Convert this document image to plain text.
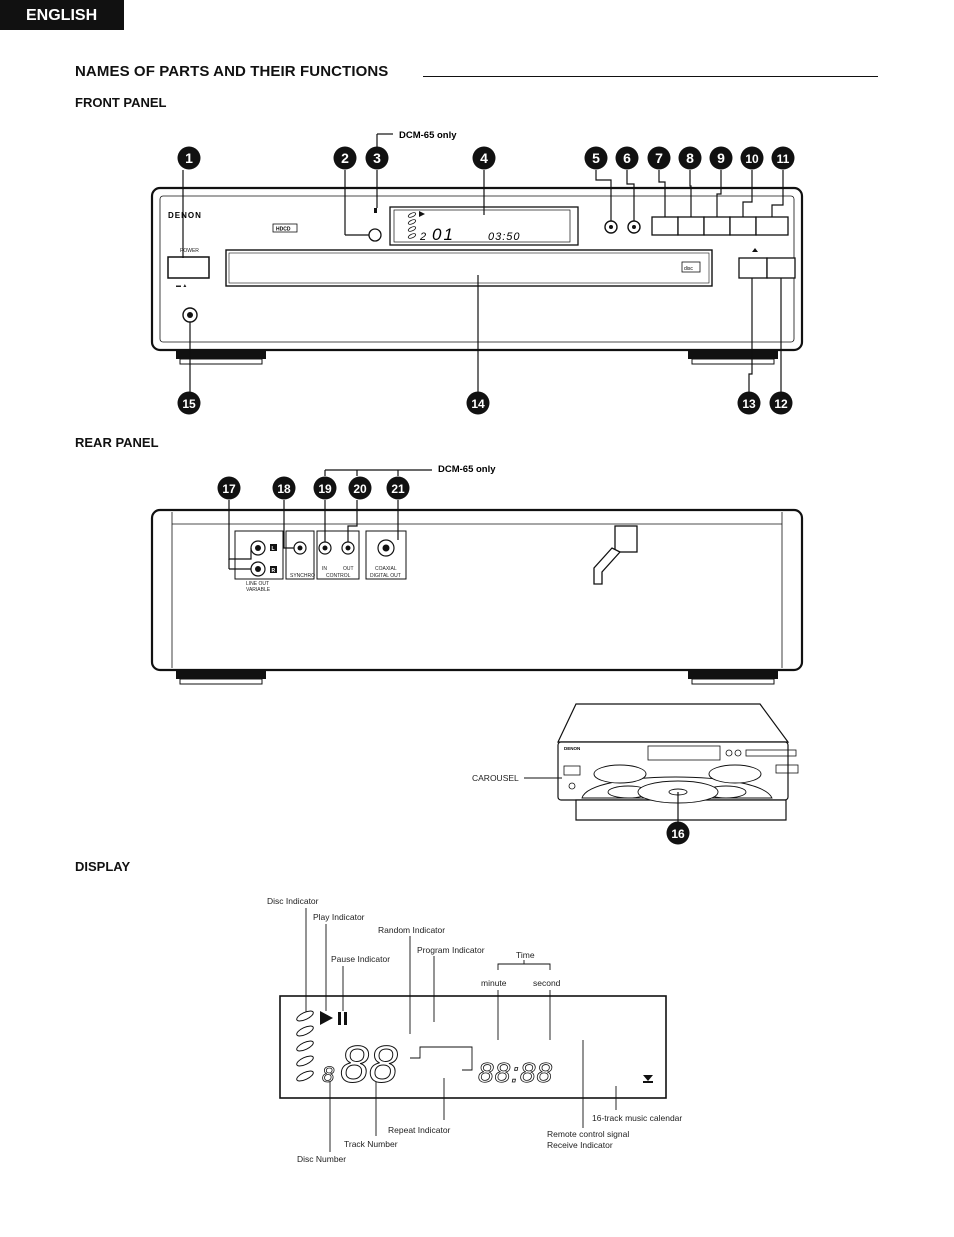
ENGLISH
NAMES OF PARTS AND THEIR FUNCTIONS
FRONT PANEL
REAR PANEL
DISPLAY
DCM-65 only
DENON
HDCD
POWER
▬ ▲
2 01	03:50
disc
1	2 3	4	5 6 7 8 9 10 11
12
13
14
15
DCM-65 only
L
R
LINE OUT
VARIABLE
SYNCHRO
IN	OUT
CONTROL
COAXIAL
DIGITAL OUT
17	18 19 20 21
DENON
CAROUSEL
16
8 88	88:88
Disc Indicator
Play Indicator
Random Indicator
Program Indicator	Time
Pause Indicator
minute	second
16-track music calendar
Repeat Indicator	Remote control signal
Receive Indicator
Track Number
Disc Number
